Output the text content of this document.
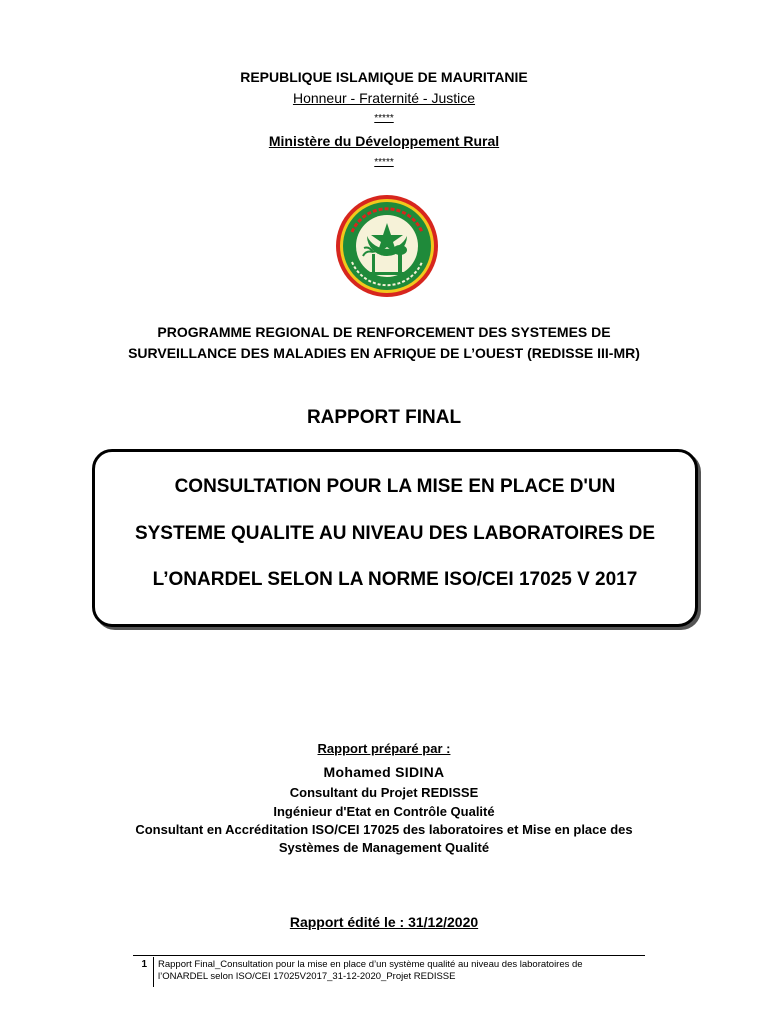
REPUBLIQUE ISLAMIQUE DE MAURITANIE
Honneur - Fraternité - Justice
*****
Ministère du Développement Rural
*****
PROGRAMME REGIONAL DE RENFORCEMENT DES SYSTEMES DE
SURVEILLANCE DES MALADIES EN AFRIQUE DE L’OUEST (REDISSE III-MR)
RAPPORT FINAL
CONSULTATION POUR LA MISE EN PLACE D'UN
SYSTEME QUALITE AU NIVEAU DES LABORATOIRES DE
L’ONARDEL SELON LA NORME ISO/CEI 17025 V 2017
Rapport préparé par :
Mohamed SIDINA
Consultant du Projet REDISSE
Ingénieur d'Etat en Contrôle Qualité
Consultant en Accréditation ISO/CEI 17025 des laboratoires et Mise en place des
Systèmes de Management Qualité
Rapport édité le : 31/12/2020
1 Rapport Final_Consultation pour la mise en place d’un système qualité au niveau des laboratoires de
l’ONARDEL selon ISO/CEI 17025V2017_31-12-2020_Projet REDISSE
